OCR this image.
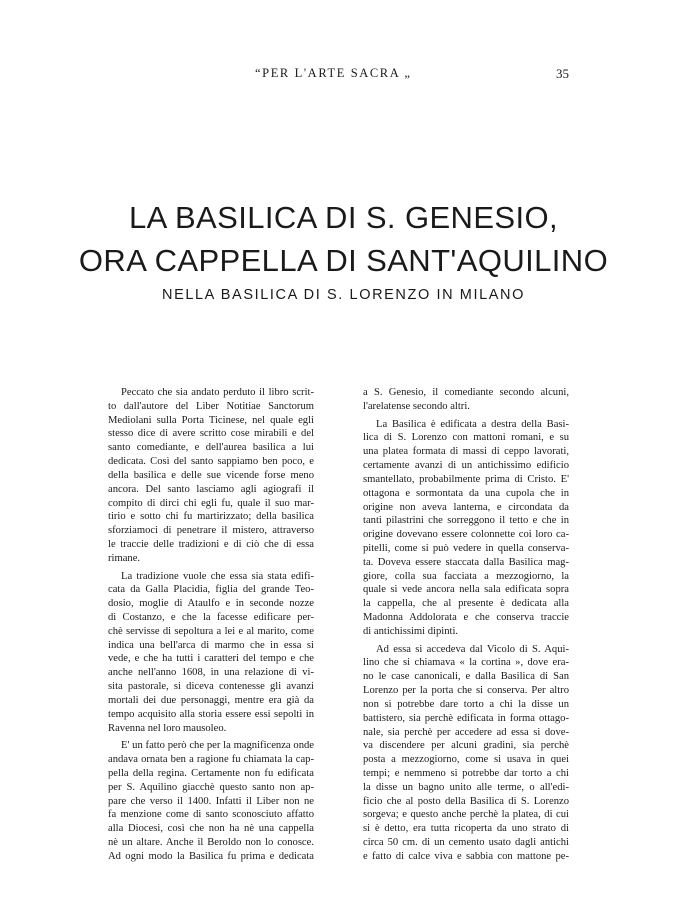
“PER L'ARTE SACRA „	35
LA BASILICA DI S. GENESIO,
ORA CAPPELLA DI SANT'AQUILINO
NELLA BASILICA DI S. LORENZO IN MILANO

Peccato che sia andato perduto il libro scrit-
to dall'autore del Liber Notitiae Sanctorum
Mediolani sulla Porta Ticinese, nel quale egli
stesso dice di avere scritto cose mirabili e del
santo comediante, e dell'aurea basilica a lui
dedicata. Così del santo sappiamo ben poco, e
della basilica e delle sue vicende forse meno
ancora. Del santo lasciamo agli agiografi il
compito di dirci chi egli fu, quale il suo mar-
tirio e sotto chi fu martirizzato; della basilica
sforziamoci di penetrare il mistero, attraverso
le traccie delle tradizioni e di ciò che di essa
rimane.

La tradizione vuole che essa sia stata edifi-
cata da Galla Placidia, figlia del grande Teo-
dosio, moglie di Ataulfo e in seconde nozze
di Costanzo, e che la facesse edificare per-
chè servisse di sepoltura a lei e al marito, come
indica una bell'arca di marmo che in essa si
vede, e che ha tutti i caratteri del tempo e che
anche nell'anno 1608, in una relazione di vi-
sita pastorale, si diceva contenesse gli avanzi
mortali dei due personaggi, mentre era già da
tempo acquisito alla storia essere essi sepolti in
Ravenna nel loro mausoleo.

E' un fatto però che per la magnificenza onde
andava ornata ben a ragione fu chiamata la cap-
pella della regina. Certamente non fu edificata
per S. Aquilino giacchè questo santo non ap-
pare che verso il 1400. Infatti il Liber non ne
fa menzione come di santo sconosciuto affatto
alla Diocesi, così che non ha nè una cappella
nè un altare. Anche il Beroldo non lo conosce.
Ad ogni modo la Basilica fu prima e dedicata

a S. Genesio, il comediante secondo alcuni,
l'arelatense secondo altri.

La Basilica è edificata a destra della Basi-
lica di S. Lorenzo con mattoni romani, e su
una platea formata di massi di ceppo lavorati,
certamente avanzi di un antichissimo edificio
smantellato, probabilmente prima di Cristo. E'
ottagona e sormontata da una cupola che in
origine non aveva lanterna, e circondata da
tanti pilastrini che sorreggono il tetto e che in
origine dovevano essere colonnette coi loro ca-
pitelli, come si può vedere in quella conserva-
ta. Doveva essere staccata dalla Basilica mag-
giore, colla sua facciata a mezzogiorno, la
quale si vede ancora nella sala edificata sopra
la cappella, che al presente è dedicata alla
Madonna Addolorata e che conserva traccie
di antichissimi dipinti.

Ad essa si accedeva dal Vicolo di S. Aqui-
lino che si chiamava « la cortina », dove era-
no le case canonicali, e dalla Basilica di San
Lorenzo per la porta che si conserva. Per altro
non si potrebbe dare torto a chi la disse un
battistero, sia perchè edificata in forma ottago-
nale, sia perchè per accedere ad essa si dove-
va discendere per alcuni gradini, sia perchè
posta a mezzogiorno, come si usava in quei
tempi; e nemmeno si potrebbe dar torto a chi
la disse un bagno unito alle terme, o all'edi-
ficio che al posto della Basilica di S. Lorenzo
sorgeva; e questo anche perchè la platea, di cui
si è detto, era tutta ricoperta da uno strato di
circa 50 cm. di un cemento usato dagli antichi
e fatto di calce viva e sabbia con mattone pe-
